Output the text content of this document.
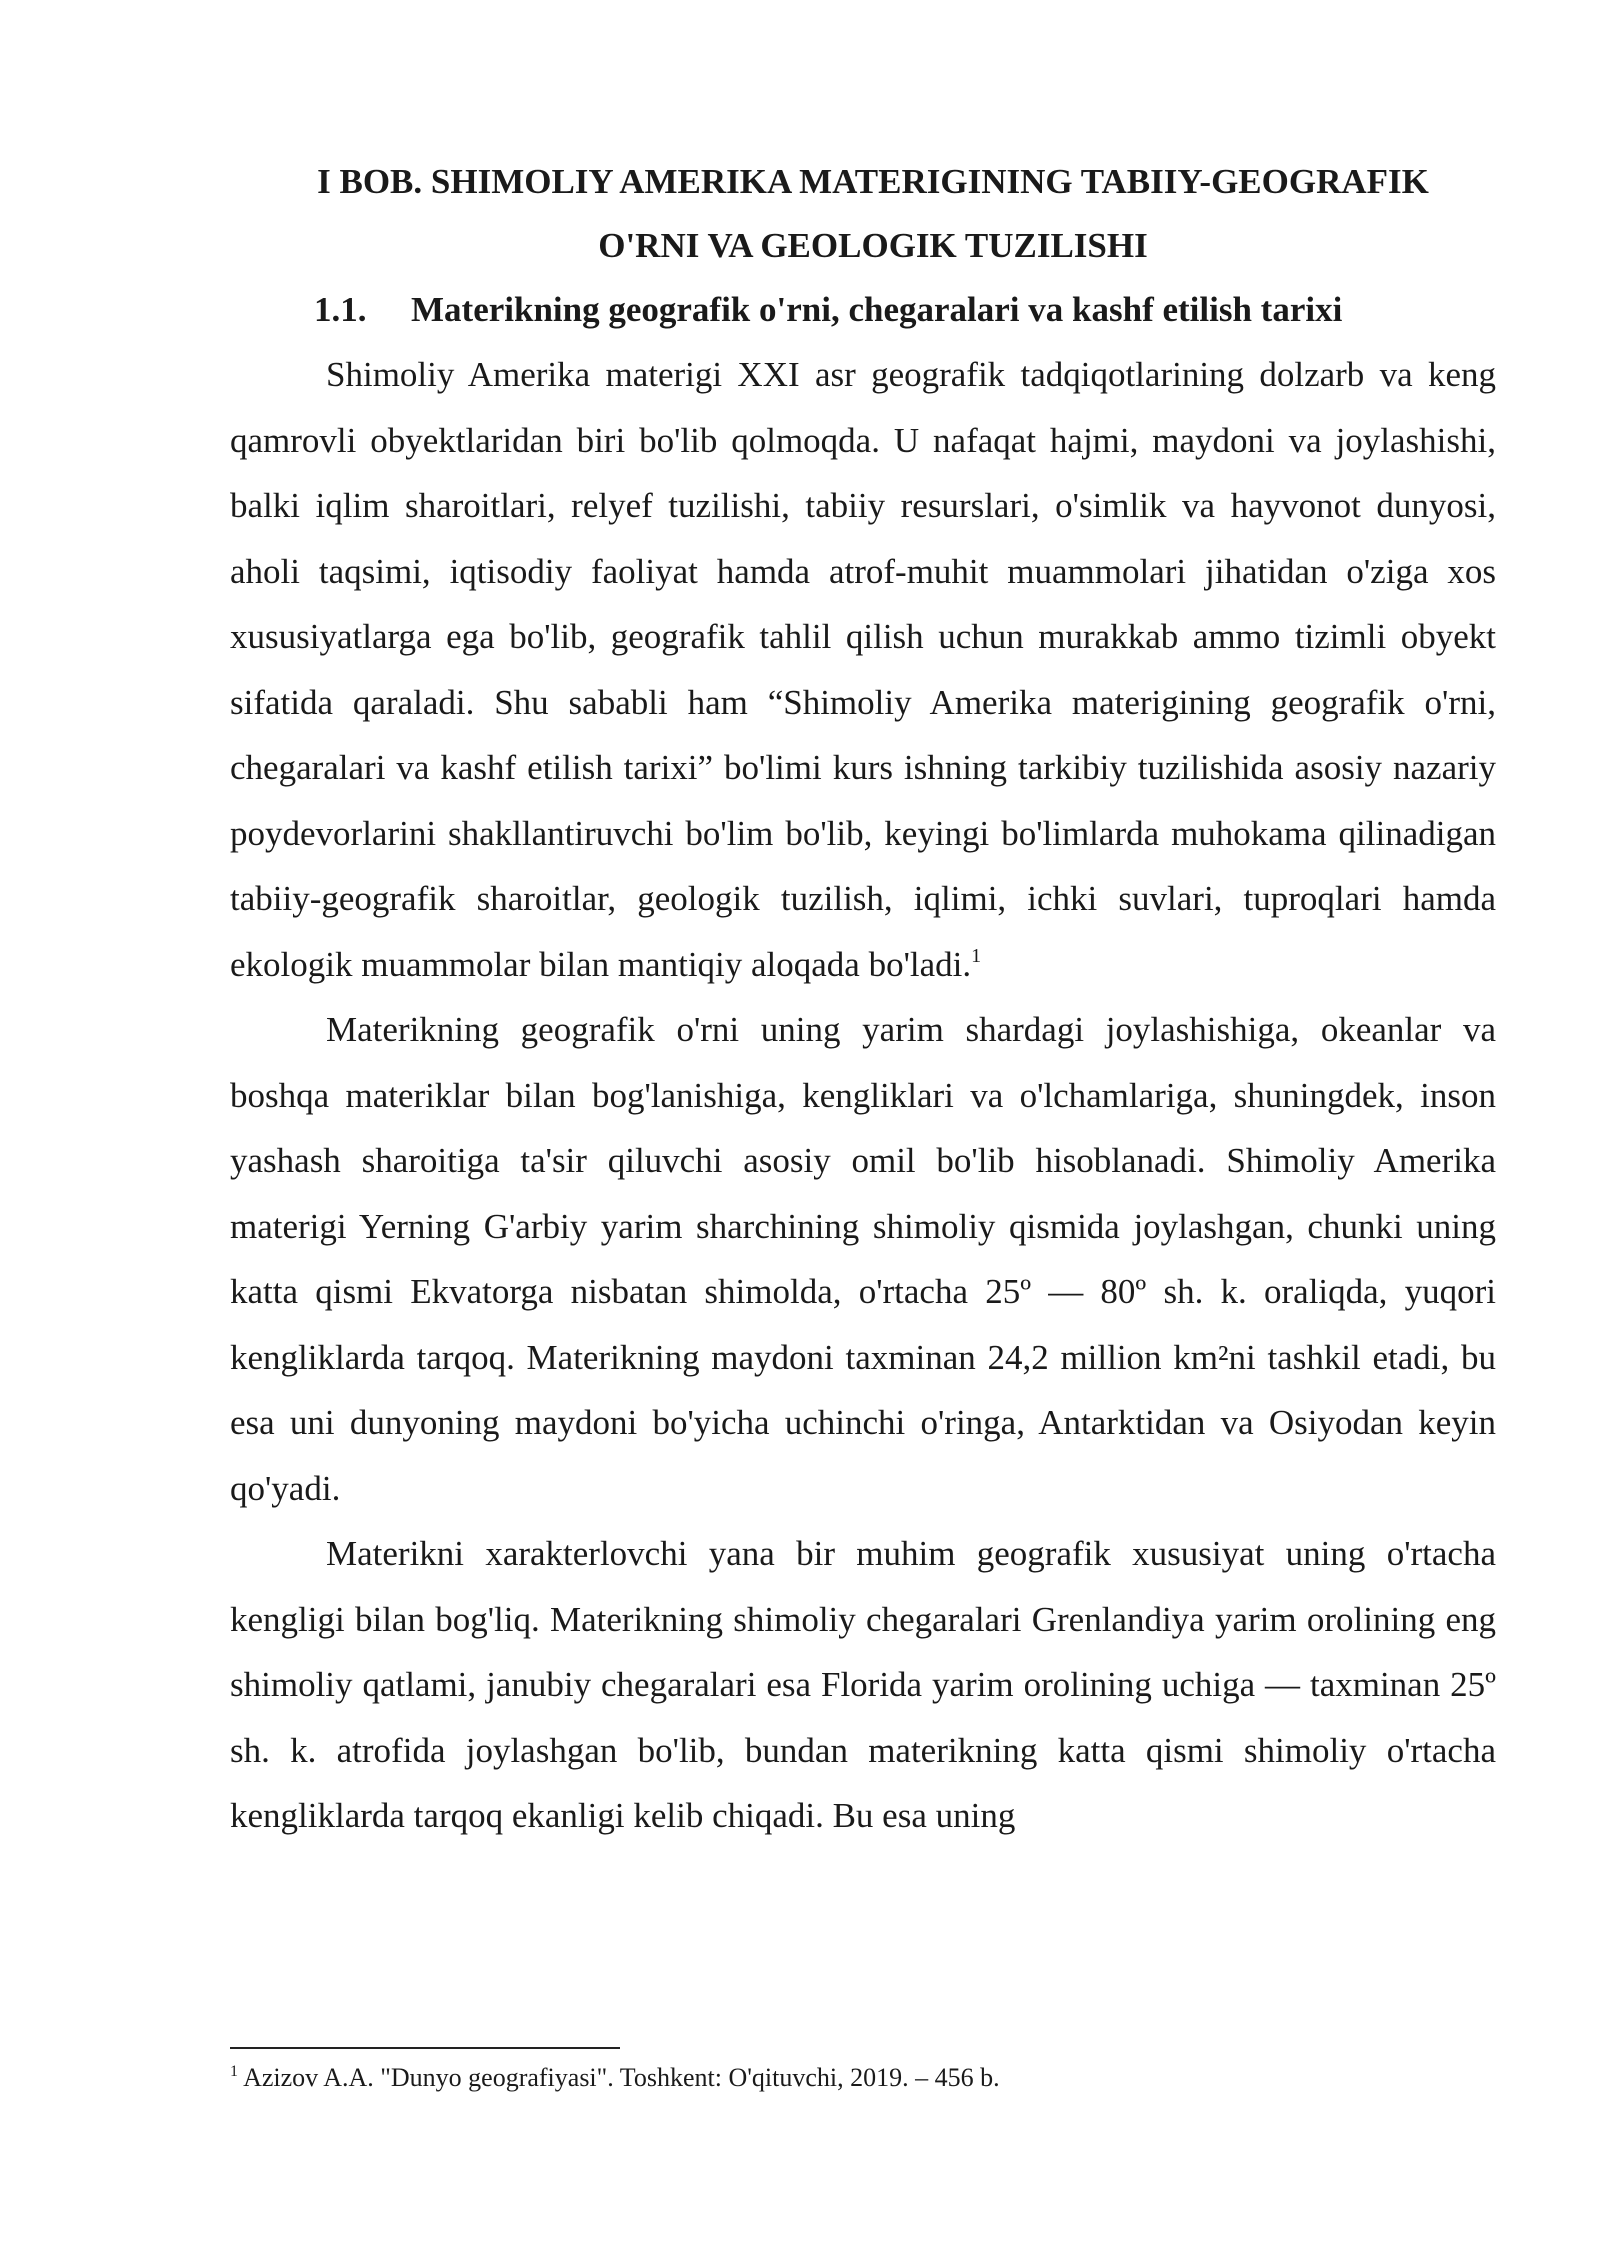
I BOB. SHIMOLIY AMERIKA MATERIGINING TABIIY-GEOGRAFIK
O'RNI VA GEOLOGIK TUZILISHI
1.1. Materikning geografik o'rni, chegaralari va kashf etilish tarixi

Shimoliy Amerika materigi XXI asr geografik tadqiqotlarining dolzarb va keng qamrovli obyektlaridan biri bo'lib qolmoqda. U nafaqat hajmi, maydoni va joylashishi, balki iqlim sharoitlari, relyef tuzilishi, tabiiy resurslari, o'simlik va hayvonot dunyosi, aholi taqsimi, iqtisodiy faoliyat hamda atrof-muhit muammolari jihatidan o'ziga xos xususiyatlarga ega bo'lib, geografik tahlil qilish uchun murakkab ammo tizimli obyekt sifatida qaraladi. Shu sababli ham “Shimoliy Amerika materigining geografik o'rni, chegaralari va kashf etilish tarixi” bo'limi kurs ishning tarkibiy tuzilishida asosiy nazariy poydevorlarini shakllantiruvchi bo'lim bo'lib, keyingi bo'limlarda muhokama qilinadigan tabiiy-geografik sharoitlar, geologik tuzilish, iqlimi, ichki suvlari, tuproqlari hamda ekologik muammolar bilan mantiqiy aloqada bo'ladi.$^1$

Materikning geografik o'rni uning yarim shardagi joylashishiga, okeanlar va boshqa materiklar bilan bog'lanishiga, kengliklari va o'lchamlariga, shuningdek, inson yashash sharoitiga ta'sir qiluvchi asosiy omil bo'lib hisoblanadi. Shimoliy Amerika materigi Yerning G'arbiy yarim sharchining shimoliy qismida joylashgan, chunki uning katta qismi Ekvatorga nisbatan shimolda, o'rtacha 25º — 80º sh. k. oraliqda, yuqori kengliklarda tarqoq. Materikning maydoni taxminan 24,2 million km²ni tashkil etadi, bu esa uni dunyoning maydoni bo'yicha uchinchi o'ringa, Antarktidan va Osiyodan keyin qo'yadi.

Materikni xarakterlovchi yana bir muhim geografik xususiyat uning o'rtacha kengligi bilan bog'liq. Materikning shimoliy chegaralari Grenlandiya yarim orolining eng shimoliy qatlami, janubiy chegaralari esa Florida yarim orolining uchiga — taxminan 25º sh. k. atrofida joylashgan bo'lib, bundan materikning katta qismi shimoliy o'rtacha kengliklarda tarqoq ekanligi kelib chiqadi. Bu esa uning

$^1$ Azizov A.A. "Dunyo geografiyasi". Toshkent: O'qituvchi, 2019. – 456 b.
